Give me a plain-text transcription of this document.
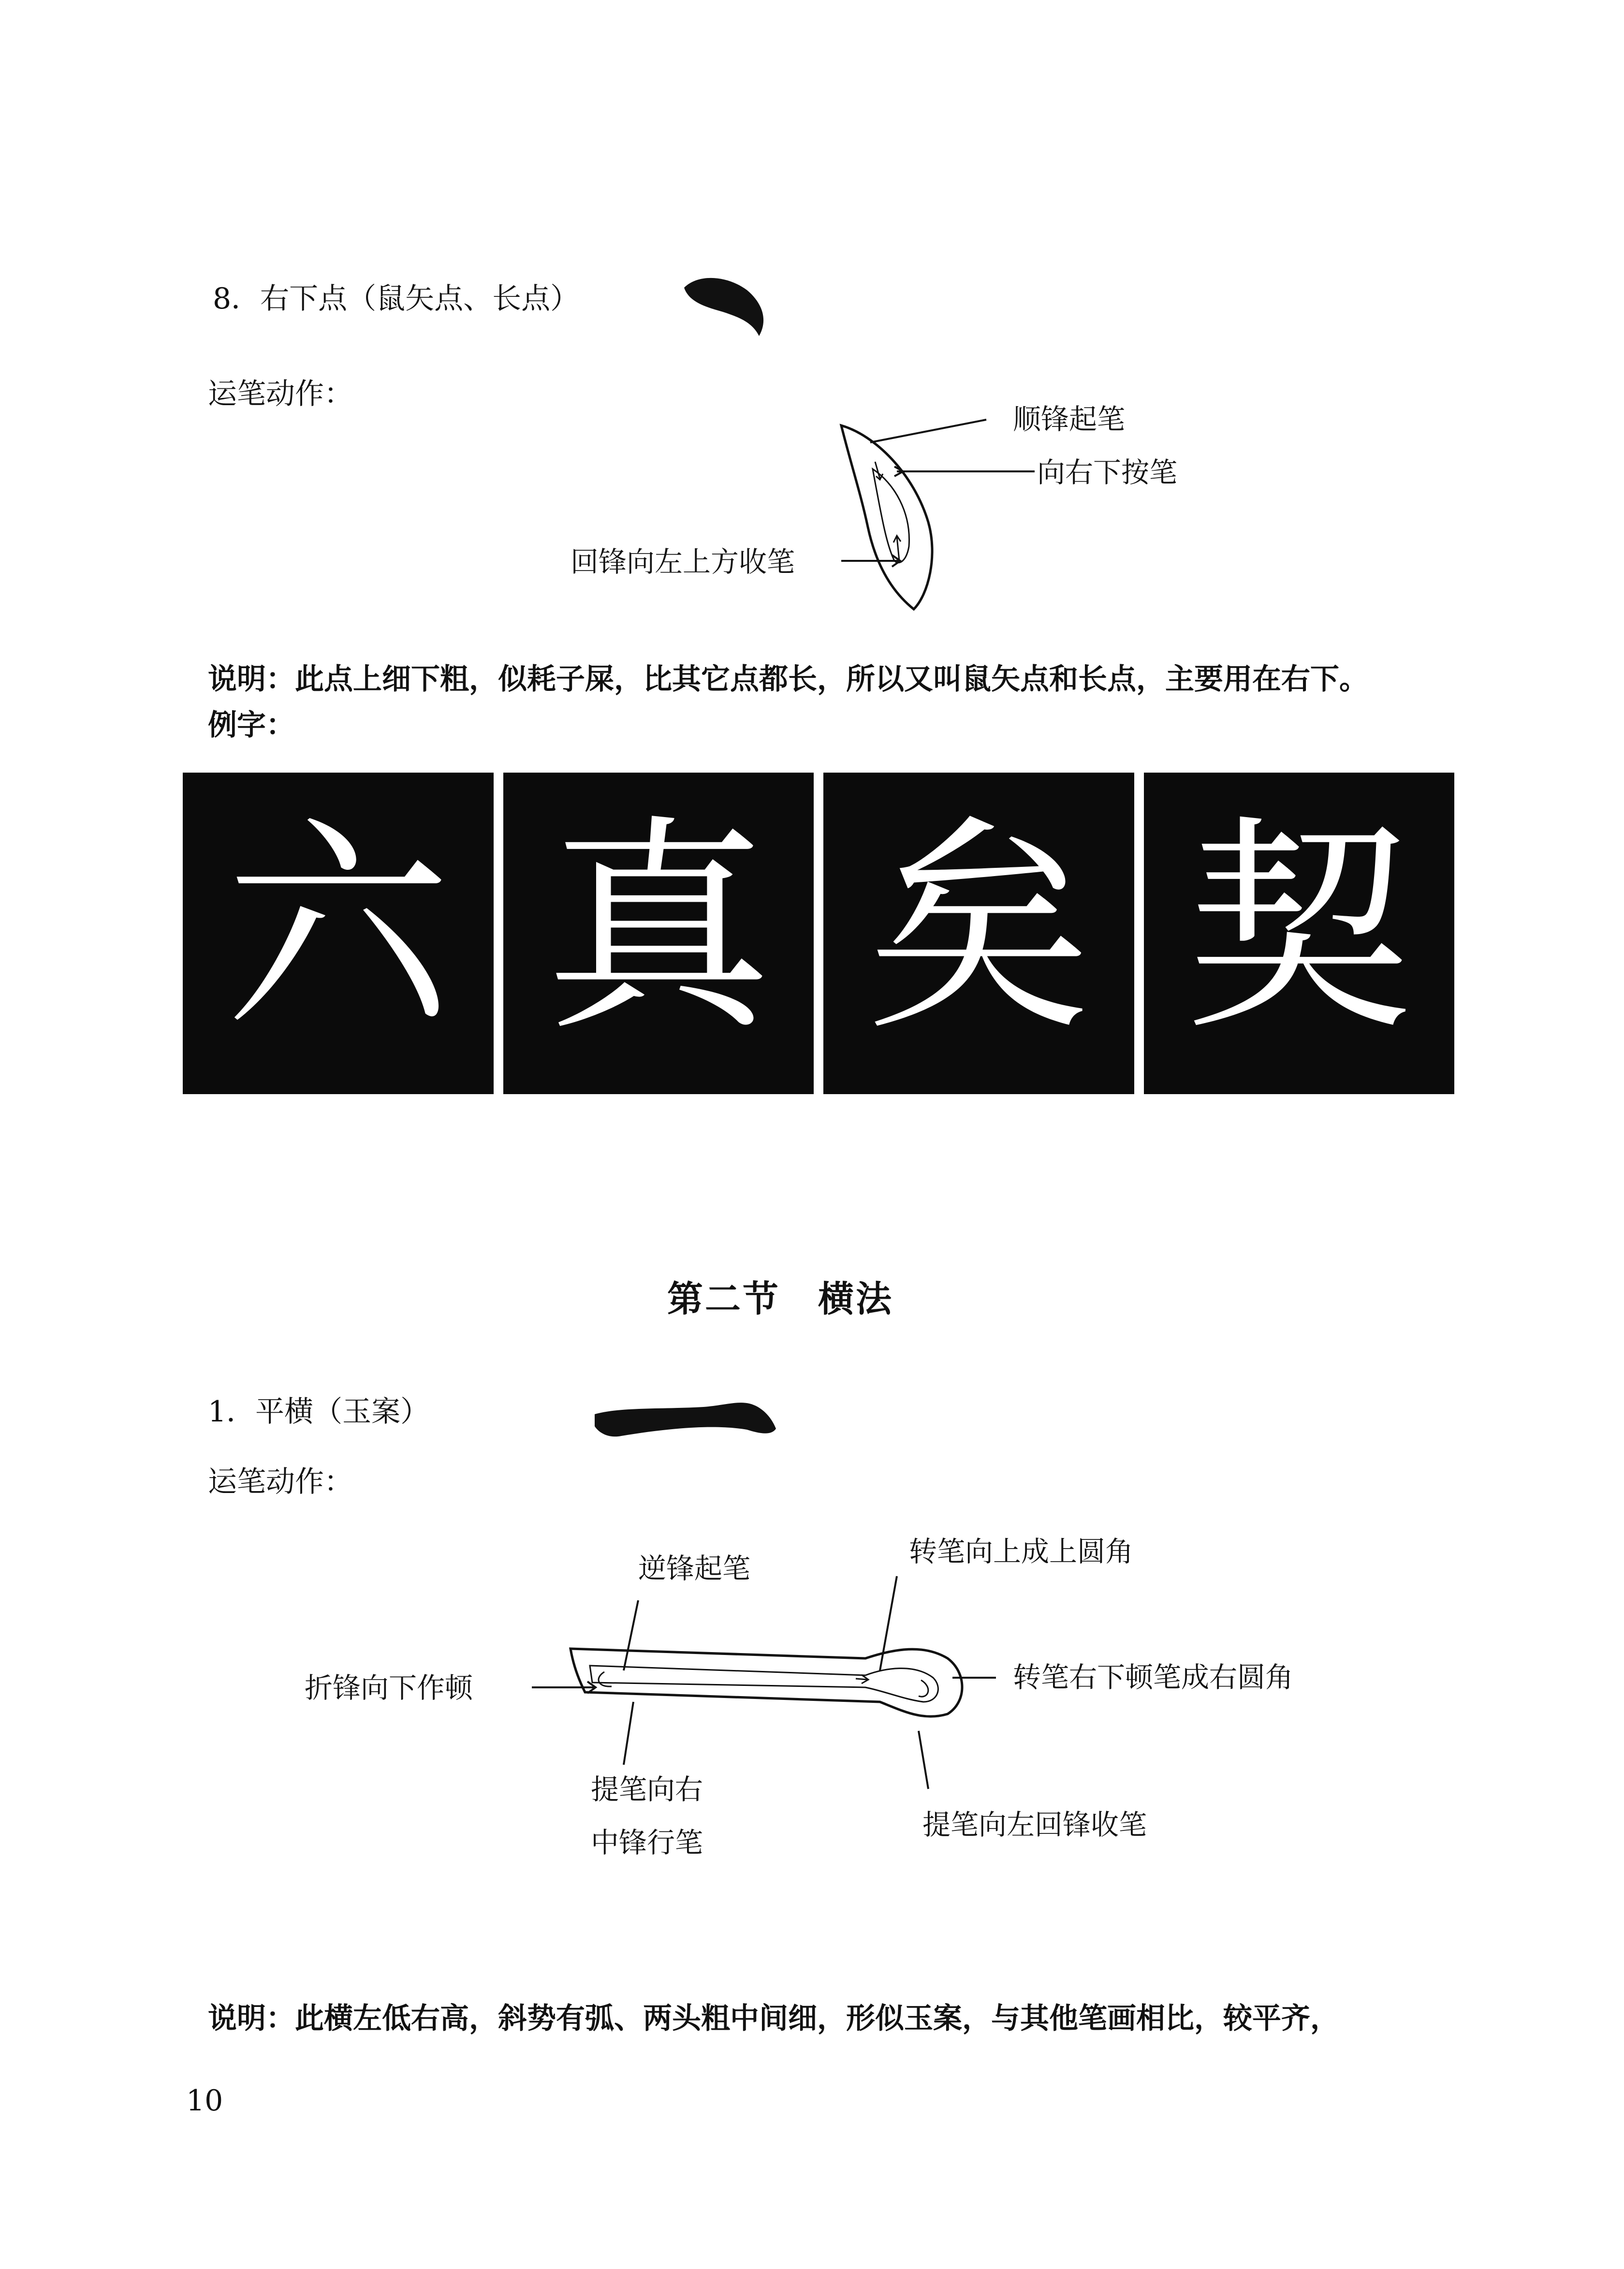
8．右下点（鼠矢点、长点）
运笔动作：
顺锋起笔
向右下按笔
回锋向左上方收笔
说明：此点上细下粗，似耗子屎，比其它点都长，所以又叫鼠矢点和长点，主要用在右下。
例字：
六 真 矣 契
第二节　横法
1．平横（玉案）
运笔动作：
逆锋起笔
转笔向上成上圆角
折锋向下作顿	转笔右下顿笔成右圆角
提笔向右
中锋行笔
提笔向左回锋收笔
说明：此横左低右高，斜势有弧、两头粗中间细，形似玉案，与其他笔画相比，较平齐，
10
